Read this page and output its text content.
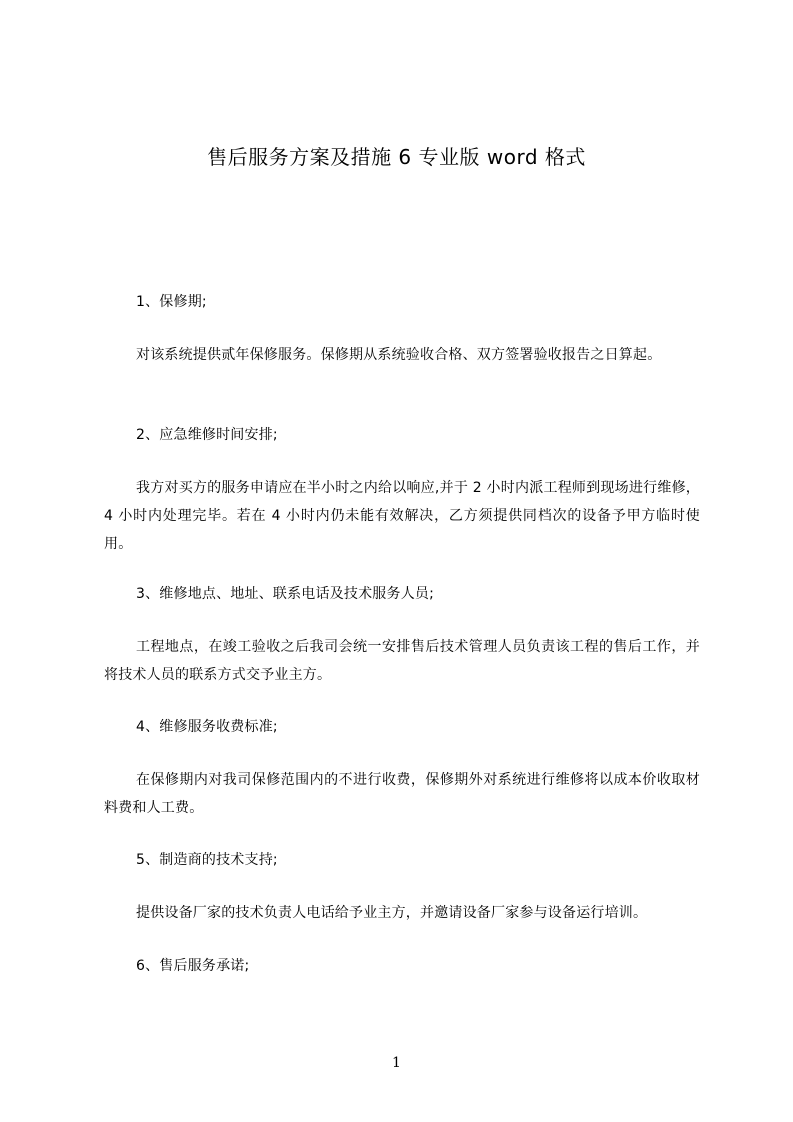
售后服务方案及措施 6 专业版 word 格式
1、保修期;
对该系统提供贰年保修服务。保修期从系统验收合格、双方签署验收报告之日算起。
2、应急维修时间安排;
我方对买方的服务申请应在半小时之内给以响应,并于 2 小时内派工程师到现场进行维修，4 小时内处理完毕。若在 4 小时内仍未能有效解决，乙方须提供同档次的设备予甲方临时使用。
3、维修地点、地址、联系电话及技术服务人员;
工程地点，在竣工验收之后我司会统一安排售后技术管理人员负责该工程的售后工作，并将技术人员的联系方式交予业主方。
4、维修服务收费标准;
在保修期内对我司保修范围内的不进行收费，保修期外对系统进行维修将以成本价收取材料费和人工费。
5、制造商的技术支持;
提供设备厂家的技术负责人电话给予业主方，并邀请设备厂家参与设备运行培训。
6、售后服务承诺;
1
